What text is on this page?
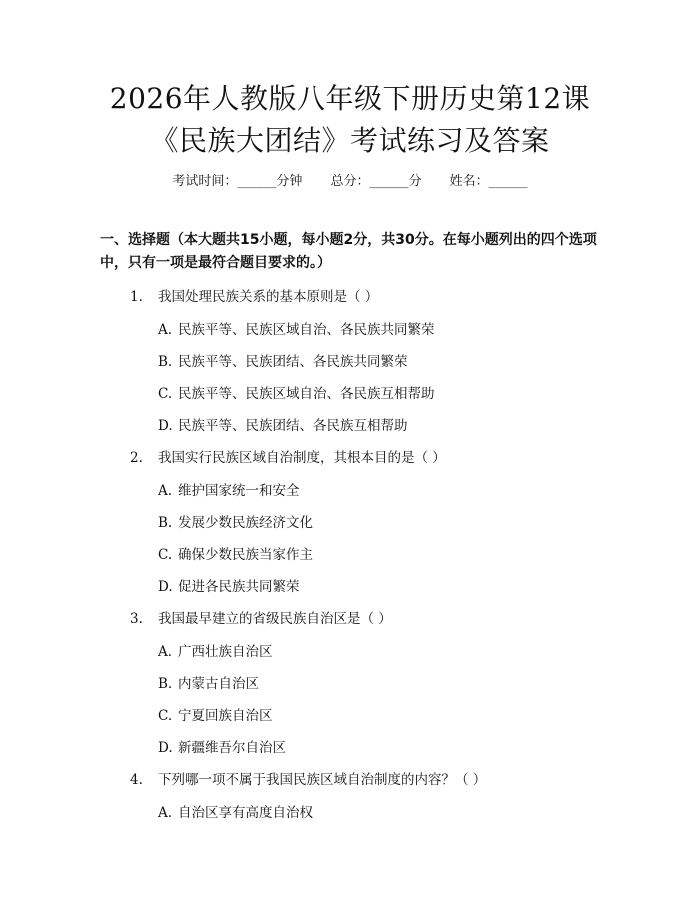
2026年人教版八年级下册历史第12课《民族大团结》考试练习及答案
考试时间：______分钟 总分：______分 姓名：______
一、选择题（本大题共15小题，每小题2分，共30分。在每小题列出的四个选项中，只有一项是最符合题目要求的。）
1. 我国处理民族关系的基本原则是（ ）
A. 民族平等、民族区域自治、各民族共同繁荣
B. 民族平等、民族团结、各民族共同繁荣
C. 民族平等、民族区域自治、各民族互相帮助
D. 民族平等、民族团结、各民族互相帮助
2. 我国实行民族区域自治制度，其根本目的是（ ）
A. 维护国家统一和安全
B. 发展少数民族经济文化
C. 确保少数民族当家作主
D. 促进各民族共同繁荣
3. 我国最早建立的省级民族自治区是（ ）
A. 广西壮族自治区
B. 内蒙古自治区
C. 宁夏回族自治区
D. 新疆维吾尔自治区
4. 下列哪一项不属于我国民族区域自治制度的内容？（ ）
A. 自治区享有高度自治权
